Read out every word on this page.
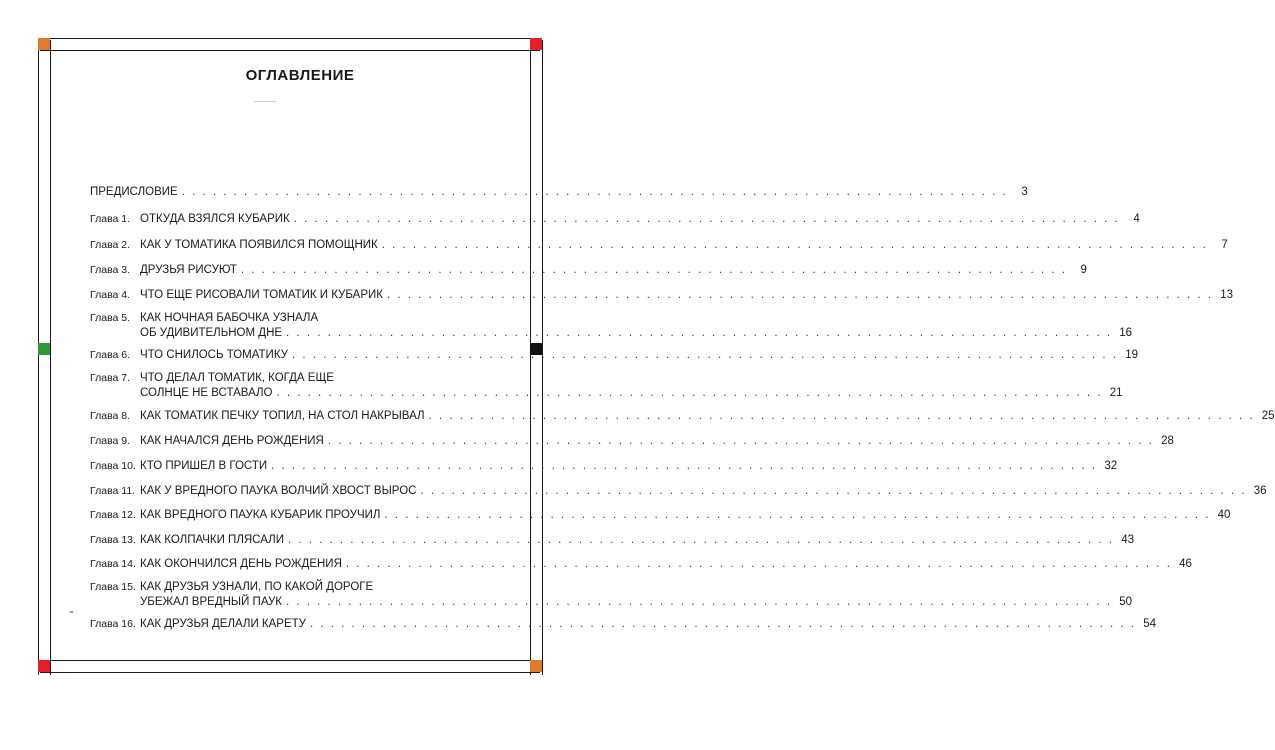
ОГЛАВЛЕНИЕ
ПРЕДИСЛОВИЕ . . . . . . . . . . . . . . . . . . . . . . . . . . . . . . . . . . . . . . . . . . . . . . . . . . . . . . . . . . . . . . . . . . . . . . . . . . . . . . . .	3
Глава 1. ОТКУДА ВЗЯЛСЯ КУБАРИК . . . . . . . . . . . . . . . . . . . . . . . . . . . . . . . . . . . . . . . . . . . . . . . . . . . . . . . . . . . . . . . . . . . . . . . . . . . . . . . .	4
Глава 2. КАК У ТОМАТИКА ПОЯВИЛСЯ ПОМОЩНИК . . . . . . . . . . . . . . . . . . . . . . . . . . . . . . . . . . . . . . . . . . . . . . . . . . . . . . . . . . . . . . . . . . . . . . . . . . . . . . . .	7
Глава 3. ДРУЗЬЯ РИСУЮТ . . . . . . . . . . . . . . . . . . . . . . . . . . . . . . . . . . . . . . . . . . . . . . . . . . . . . . . . . . . . . . . . . . . . . . . . . . . . . . . .	9
Глава 4. ЧТО ЕЩЕ РИСОВАЛИ ТОМАТИК И КУБАРИК . . . . . . . . . . . . . . . . . . . . . . . . . . . . . . . . . . . . . . . . . . . . . . . . . . . . . . . . . . . . . . . . . . . . . . . . . . . . . . . . 13
Глава 5. КАК НОЧНАЯ БАБОЧКА УЗНАЛА
ОБ УДИВИТЕЛЬНОМ ДНЕ . . . . . . . . . . . . . . . . . . . . . . . . . . . . . . . . . . . . . . . . . . . . . . . . . . . . . . . . . . . . . . . . . . . . . . . . . . . . . . . . 16
Глава 6. ЧТО СНИЛОСЬ ТОМАТИКУ . . . . . . . . . . . . . . . . . . . . . . . . . . . . . . . . . . . . . . . . . . . . . . . . . . . . . . . . . . . . . . . . . . . . . . . . . . . . . . . . 19
Глава 7. ЧТО ДЕЛАЛ ТОМАТИК, КОГДА ЕЩЕ
СОЛНЦЕ НЕ ВСТАВАЛО . . . . . . . . . . . . . . . . . . . . . . . . . . . . . . . . . . . . . . . . . . . . . . . . . . . . . . . . . . . . . . . . . . . . . . . . . . . . . . . . 21
Глава 8. КАК ТОМАТИК ПЕЧКУ ТОПИЛ, НА СТОЛ НАКРЫВАЛ . . . . . . . . . . . . . . . . . . . . . . . . . . . . . . . . . . . . . . . . . . . . . . . . . . . . . . . . . . . . . . . . . . . . . . . . . . . . . . . . 25
Глава 9. КАК НАЧАЛСЯ ДЕНЬ РОЖДЕНИЯ . . . . . . . . . . . . . . . . . . . . . . . . . . . . . . . . . . . . . . . . . . . . . . . . . . . . . . . . . . . . . . . . . . . . . . . . . . . . . . . . 28
Глава 10. КТО ПРИШЕЛ В ГОСТИ . . . . . . . . . . . . . . . . . . . . . . . . . . . . . . . . . . . . . . . . . . . . . . . . . . . . . . . . . . . . . . . . . . . . . . . . . . . . . . . . 32
Глава 11. КАК У ВРЕДНОГО ПАУКА ВОЛЧИЙ ХВОСТ ВЫРОС . . . . . . . . . . . . . . . . . . . . . . . . . . . . . . . . . . . . . . . . . . . . . . . . . . . . . . . . . . . . . . . . . . . . . . . . . . . . . . . . 36
Глава 12. КАК ВРЕДНОГО ПАУКА КУБАРИК ПРОУЧИЛ . . . . . . . . . . . . . . . . . . . . . . . . . . . . . . . . . . . . . . . . . . . . . . . . . . . . . . . . . . . . . . . . . . . . . . . . . . . . . . . . 40
Глава 13. КАК КОЛПАЧКИ ПЛЯСАЛИ . . . . . . . . . . . . . . . . . . . . . . . . . . . . . . . . . . . . . . . . . . . . . . . . . . . . . . . . . . . . . . . . . . . . . . . . . . . . . . . . 43
Глава 14. КАК ОКОНЧИЛСЯ ДЕНЬ РОЖДЕНИЯ . . . . . . . . . . . . . . . . . . . . . . . . . . . . . . . . . . . . . . . . . . . . . . . . . . . . . . . . . . . . . . . . . . . . . . . . . . . . . . . . 46
Глава 15. КАК ДРУЗЬЯ УЗНАЛИ, ПО КАКОЙ ДОРОГЕ
УБЕЖАЛ ВРЕДНЫЙ ПАУК . . . . . . . . . . . . . . . . . . . . . . . . . . . . . . . . . . . . . . . . . . . . . . . . . . . . . . . . . . . . . . . . . . . . . . . . . . . . . . . . 50
Глава 16. КАК ДРУЗЬЯ ДЕЛАЛИ КАРЕТУ . . . . . . . . . . . . . . . . . . . . . . . . . . . . . . . . . . . . . . . . . . . . . . . . . . . . . . . . . . . . . . . . . . . . . . . . . . . . . . . . 54
